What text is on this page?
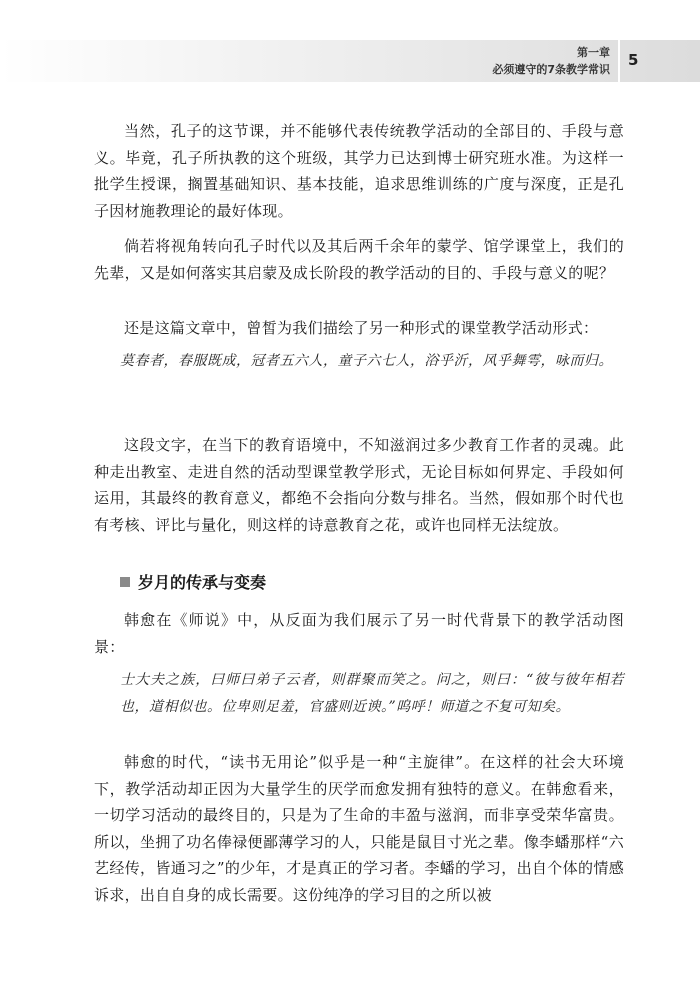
第一章
必须遵守的7条教学常识
5

当然，孔子的这节课，并不能够代表传统教学活动的全部目的、手段与意义。毕竟，孔子所执教的这个班级，其学力已达到博士研究班水准。为这样一批学生授课，搁置基础知识、基本技能，追求思维训练的广度与深度，正是孔子因材施教理论的最好体现。

倘若将视角转向孔子时代以及其后两千余年的蒙学、馆学课堂上，我们的先辈，又是如何落实其启蒙及成长阶段的教学活动的目的、手段与意义的呢？

还是这篇文章中，曾皙为我们描绘了另一种形式的课堂教学活动形式：

莫春者，春服既成，冠者五六人，童子六七人，浴乎沂，风乎舞雩，咏而归。

这段文字，在当下的教育语境中，不知滋润过多少教育工作者的灵魂。此种走出教室、走进自然的活动型课堂教学形式，无论目标如何界定、手段如何运用，其最终的教育意义，都绝不会指向分数与排名。当然，假如那个时代也有考核、评比与量化，则这样的诗意教育之花，或许也同样无法绽放。

岁月的传承与变奏

韩愈在《师说》中，从反面为我们展示了另一时代背景下的教学活动图景：

士大夫之族，曰师曰弟子云者，则群聚而笑之。问之，则曰：“彼与彼年相若也，道相似也。位卑则足羞，官盛则近谀。”呜呼！师道之不复可知矣。

韩愈的时代，“读书无用论”似乎是一种“主旋律”。在这样的社会大环境下，教学活动却正因为大量学生的厌学而愈发拥有独特的意义。在韩愈看来，一切学习活动的最终目的，只是为了生命的丰盈与滋润，而非享受荣华富贵。所以，坐拥了功名俸禄便鄙薄学习的人，只能是鼠目寸光之辈。像李蟠那样“六艺经传，皆通习之”的少年，才是真正的学习者。李蟠的学习，出自个体的情感诉求，出自自身的成长需要。这份纯净的学习目的之所以被
